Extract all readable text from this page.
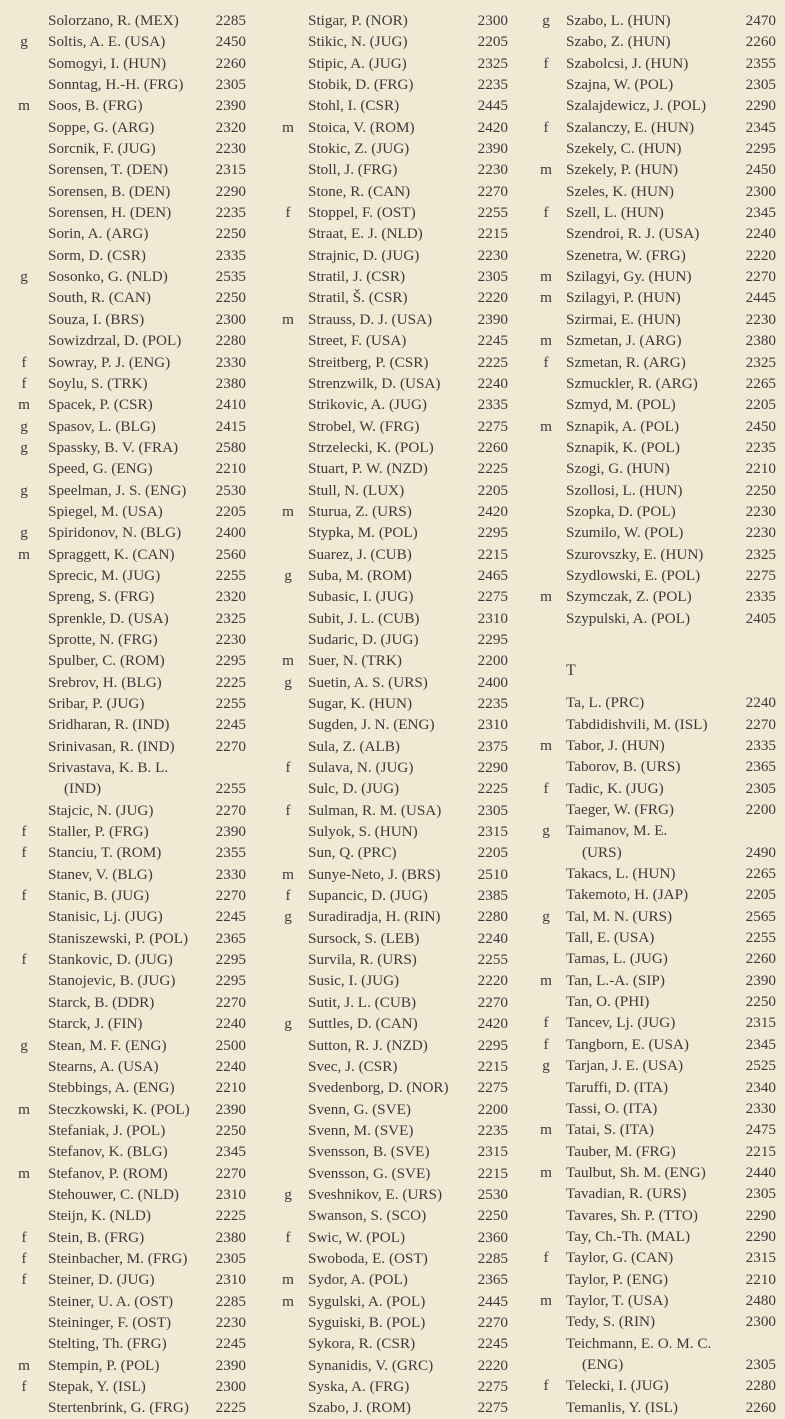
Solorzano, R. (MEX) 2285
g Soltis, A. E. (USA)	2450
Somogyi, I. (HUN)	2260
Sonntag, H.-H. (FRG) 2305
m Soos, B. (FRG)	2390
Soppe, G. (ARG)	2320
Sorcnik, F. (JUG)	2230
Sorensen, T. (DEN)	2315
Sorensen, B. (DEN)	2290
Sorensen, H. (DEN)	2235
Sorin, A. (ARG)	2250
Sorm, D. (CSR)	2335
g Sosonko, G. (NLD)	2535
South, R. (CAN)	2250
Souza, I. (BRS)	2300
Sowizdrzal, D. (POL) 2280
f	Sowray, P. J. (ENG)	2330
f	Soylu, S. (TRK)	2380
m Spacek, P. (CSR)	2410
g Spasov, L. (BLG)	2415
g Spassky, B. V. (FRA) 2580
Speed, G. (ENG)	2210
g Speelman, J. S. (ENG) 2530
Spiegel, M. (USA)	2205
g Spiridonov, N. (BLG) 2400
m Spraggett, K. (CAN)	2560
Sprecic, M. (JUG)	2255
Spreng, S. (FRG)	2320
Sprenkle, D. (USA)	2325
Sprotte, N. (FRG)	2230
Spulber, C. (ROM)	2295
Srebrov, H. (BLG)	2225
Sribar, P. (JUG)	2255
Sridharan, R. (IND)	2245
Srinivasan, R. (IND)	2270
Srivastava, K. B. L.
(IND)	2255
Stajcic, N. (JUG)	2270
f	Staller, P. (FRG)	2390
f	Stanciu, T. (ROM)	2355
Stanev, V. (BLG)	2330
f	Stanic, B. (JUG)	2270
Stanisic, Lj. (JUG)	2245
Staniszewski, P. (POL) 2365
f	Stankovic, D. (JUG)	2295
Stanojevic, B. (JUG)	2295
Starck, B. (DDR)	2270
Starck, J. (FIN)	2240
g Stean, M. F. (ENG)	2500
Stearns, A. (USA)	2240
Stebbings, A. (ENG)	2210
m Steczkowski, K. (POL) 2390
Stefaniak, J. (POL)	2250
Stefanov, K. (BLG)	2345
m Stefanov, P. (ROM)	2270
Stehouwer, C. (NLD) 2310
Steijn, K. (NLD)	2225
f	Stein, B. (FRG)	2380
f	Steinbacher, M. (FRG) 2305
f	Steiner, D. (JUG)	2310
Steiner, U. A. (OST)	2285
Steininger, F. (OST)	2230
Stelting, Th. (FRG)	2245
m Stempin, P. (POL)	2390
f	Stepak, Y. (ISL)	2300
Stertenbrink, G. (FRG) 2225
Stigar, P. (NOR)	2300
Stikic, N. (JUG)	2205
Stipic, A. (JUG)	2325
Stobik, D. (FRG)	2235
Stohl, I. (CSR)	2445
m Stoica, V. (ROM)	2420
Stokic, Z. (JUG)	2390
Stoll, J. (FRG)	2230
Stone, R. (CAN)	2270
f	Stoppel, F. (OST)	2255
Straat, E. J. (NLD)	2215
Strajnic, D. (JUG)	2230
Stratil, J. (CSR)	2305
Stratil, Š. (CSR)	2220
m Strauss, D. J. (USA)	2390
Street, F. (USA)	2245
Streitberg, P. (CSR)	2225
Strenzwilk, D. (USA) 2240
Strikovic, A. (JUG)	2335
Strobel, W. (FRG)	2275
Strzelecki, K. (POL)	2260
Stuart, P. W. (NZD)	2225
Stull, N. (LUX)	2205
m Sturua, Z. (URS)	2420
Stypka, M. (POL)	2295
Suarez, J. (CUB)	2215
g Suba, M. (ROM)	2465
Subasic, I. (JUG)	2275
Subit, J. L. (CUB)	2310
Sudaric, D. (JUG)	2295
m Suer, N. (TRK)	2200
g Suetin, A. S. (URS)	2400
Sugar, K. (HUN)	2235
Sugden, J. N. (ENG)	2310
Sula, Z. (ALB)	2375
f	Sulava, N. (JUG)	2290
Sulc, D. (JUG)	2225
f	Sulman, R. M. (USA) 2305
Sulyok, S. (HUN)	2315
Sun, Q. (PRC)	2205
m Sunye-Neto, J. (BRS) 2510
f	Supancic, D. (JUG)	2385
g Suradiradja, H. (RIN) 2280
Sursock, S. (LEB)	2240
Survila, R. (URS)	2255
Susic, I. (JUG)	2220
Sutit, J. L. (CUB)	2270
g Suttles, D. (CAN)	2420
Sutton, R. J. (NZD)	2295
Svec, J. (CSR)	2215
Svedenborg, D. (NOR) 2275
Svenn, G. (SVE)	2200
Svenn, M. (SVE)	2235
Svensson, B. (SVE)	2315
Svensson, G. (SVE)	2215
g Sveshnikov, E. (URS) 2530
Swanson, S. (SCO)	2250
f	Swic, W. (POL)	2360
Swoboda, E. (OST)	2285
m Sydor, A. (POL)	2365
m Sygulski, A. (POL)	2445
Syguiski, B. (POL)	2270
Sykora, R. (CSR)	2245
Synanidis, V. (GRC)	2220
Syska, A. (FRG)	2275
Szabo, J. (ROM)	2275
g Szabo, L. (HUN)	2470
Szabo, Z. (HUN)	2260
f	Szabolcsi, J. (HUN)	2355
Szajna, W. (POL)	2305
Szalajdewicz, J. (POL)	2290
f	Szalanczy, E. (HUN)	2345
Szekely, C. (HUN)	2295
m Szekely, P. (HUN)	2450
Szeles, K. (HUN)	2300
f	Szell, L. (HUN)	2345
Szendroi, R. J. (USA)	2240
Szenetra, W. (FRG)	2220
m Szilagyi, Gy. (HUN)	2270
m Szilagyi, P. (HUN)	2445
Szirmai, E. (HUN)	2230
m Szmetan, J. (ARG)	2380
f	Szmetan, R. (ARG)	2325
Szmuckler, R. (ARG)	2265
Szmyd, M. (POL)	2205
m Sznapik, A. (POL)	2450
Sznapik, K. (POL)	2235
Szogi, G. (HUN)	2210
Szollosi, L. (HUN)	2250
Szopka, D. (POL)	2230
Szumilo, W. (POL)	2230
Szurovszky, E. (HUN)	2325
Szydlowski, E. (POL)	2275
m Szymczak, Z. (POL)	2335
Szypulski, A. (POL)	2405
T
Ta, L. (PRC)	2240
Tabdidishvili, M. (ISL)	2270
m Tabor, J. (HUN)	2335
Taborov, B. (URS)	2365
f	Tadic, K. (JUG)	2305
Taeger, W. (FRG)	2200
g Taimanov, M. E.
(URS)	2490
Takacs, L. (HUN)	2265
Takemoto, H. (JAP)	2205
g Tal, M. N. (URS)	2565
Tall, E. (USA)	2255
Tamas, L. (JUG)	2260
m Tan, L.-A. (SIP)	2390
Tan, O. (PHI)	2250
f	Tancev, Lj. (JUG)	2315
f	Tangborn, E. (USA)	2345
g Tarjan, J. E. (USA)	2525
Taruffi, D. (ITA)	2340
Tassi, O. (ITA)	2330
m Tatai, S. (ITA)	2475
Tauber, M. (FRG)	2215
m Taulbut, Sh. M. (ENG)	2440
Tavadian, R. (URS)	2305
Tavares, Sh. P. (TTO)	2290
Tay, Ch.-Th. (MAL)	2290
f	Taylor, G. (CAN)	2315
Taylor, P. (ENG)	2210
m Taylor, T. (USA)	2480
Tedy, S. (RIN)	2300
Teichmann, E. O. M. C.
(ENG)	2305
f	Telecki, I. (JUG)	2280
Temanlis, Y. (ISL)	2260
